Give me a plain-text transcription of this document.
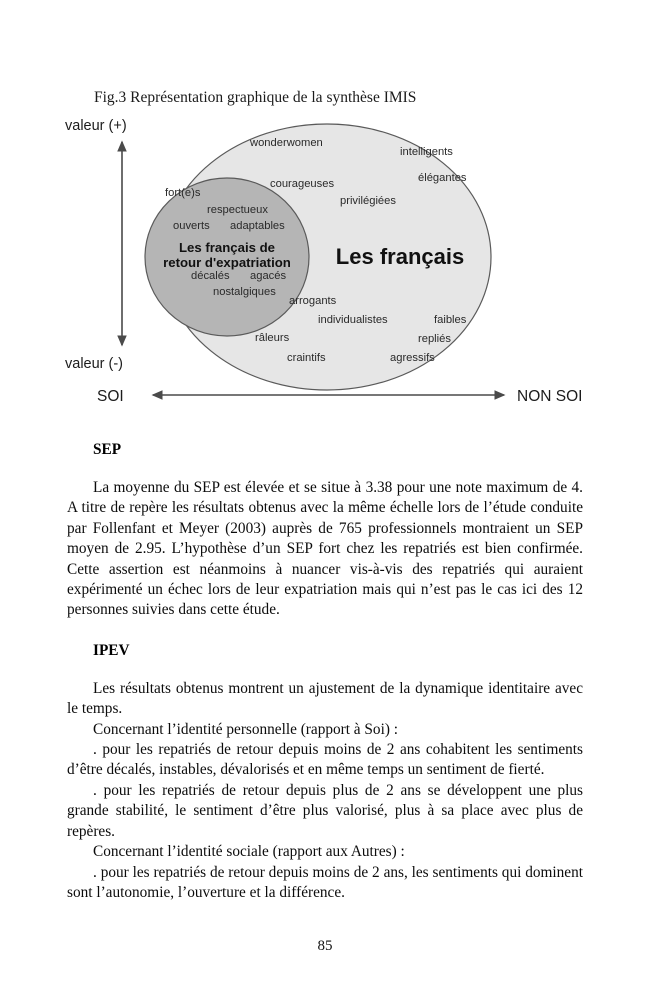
Fig.3 Représentation graphique de la synthèse IMIS
valeur (+)
valeur (-)
SOI	NON SOI
wonderwomen
intelligents
élégantes
courageuses
privilégiées
arrogants
individualistes	faibles
râleurs	repliés
craintifs	agressifs
fort(e)s
respectueux
ouverts adaptables
décalés agacés
nostalgiques
Les français de
retour d'expatriation Les français
SEP

La moyenne du SEP est élevée et se situe à 3.38 pour une note maximum de 4. A titre de repère les résultats obtenus avec la même échelle lors de l’étude conduite par Follenfant et Meyer (2003) auprès de 765 professionnels montraient un SEP moyen de 2.95. L’hypothèse d’un SEP fort chez les repatriés est bien confirmée. Cette assertion est néanmoins à nuancer vis-à-vis des repatriés qui auraient expérimenté un échec lors de leur expatriation mais qui n’est pas le cas ici des 12 personnes suivies dans cette étude.

IPEV

Les résultats obtenus montrent un ajustement de la dynamique identitaire avec le temps.

Concernant l’identité personnelle (rapport à Soi) :

. pour les repatriés de retour depuis moins de 2 ans cohabitent les sentiments d’être décalés, instables, dévalorisés et en même temps un sentiment de fierté.

. pour les repatriés de retour depuis plus de 2 ans se développent une plus grande stabilité, le sentiment d’être plus valorisé, plus à sa place avec plus de repères.

Concernant l’identité sociale (rapport aux Autres) :

. pour les repatriés de retour depuis moins de 2 ans, les sentiments qui dominent sont l’autonomie, l’ouverture et la différence.

85
